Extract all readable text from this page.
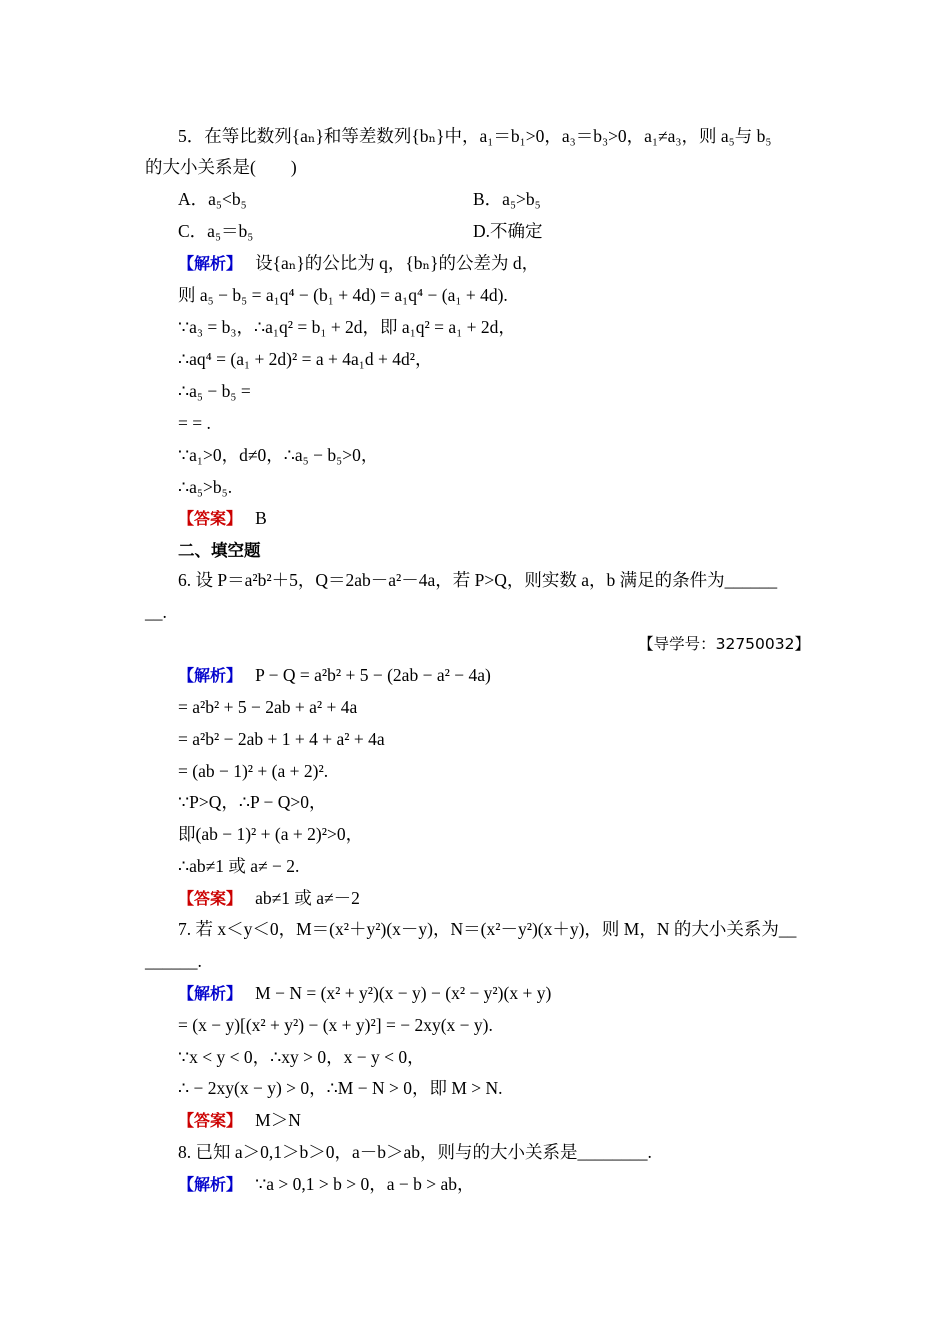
5．在等比数列{aₙ}和等差数列{bₙ}中，a₁＝b₁>0，a₃＝b₃>0，a₁≠a₃，则 a₅与 b₅
的大小关系是(　　)
A．a₅<b₅	B．a₅>b₅
C．a₅＝b₅	D.不确定
【解析】 设{aₙ}的公比为 q，{bₙ}的公差为 d，
则 a₅ − b₅ = a₁q⁴ − (b₁ + 4d) = a₁q⁴ − (a₁ + 4d).
∵a₃ = b₃，∴a₁q² = b₁ + 2d，即 a₁q² = a₁ + 2d，
∴aq⁴ = (a₁ + 2d)² = a + 4a₁d + 4d²，
∴a₅ − b₅ =
= = .
∵a₁>0，d≠0，∴a₅ − b₅>0，
∴a₅>b₅.
【答案】 B
二、填空题
6. 设 P＝a²b²＋5，Q＝2ab－a²－4a，若 P>Q，则实数 a，b 满足的条件为______
__.
【导学号：32750032】
【解析】 P − Q = a²b² + 5 − (2ab − a² − 4a)
= a²b² + 5 − 2ab + a² + 4a
= a²b² − 2ab + 1 + 4 + a² + 4a
= (ab − 1)² + (a + 2)².
∵P>Q，∴P − Q>0，
即(ab − 1)² + (a + 2)²>0，
∴ab≠1 或 a≠ − 2.
【答案】 ab≠1 或 a≠－2
7. 若 x＜y＜0，M＝(x²＋y²)(x－y)，N＝(x²－y²)(x＋y)，则 M，N 的大小关系为__
______.
【解析】 M − N = (x² + y²)(x − y) − (x² − y²)(x + y)
= (x − y)[(x² + y²) − (x + y)²] = − 2xy(x − y).
∵x < y < 0，∴xy > 0，x − y < 0，
∴ − 2xy(x − y) > 0，∴M − N > 0，即 M > N.
【答案】 M＞N
8. 已知 a＞0,1＞b＞0，a－b＞ab，则与的大小关系是________.
【解析】 ∵a > 0,1 > b > 0，a − b > ab，
